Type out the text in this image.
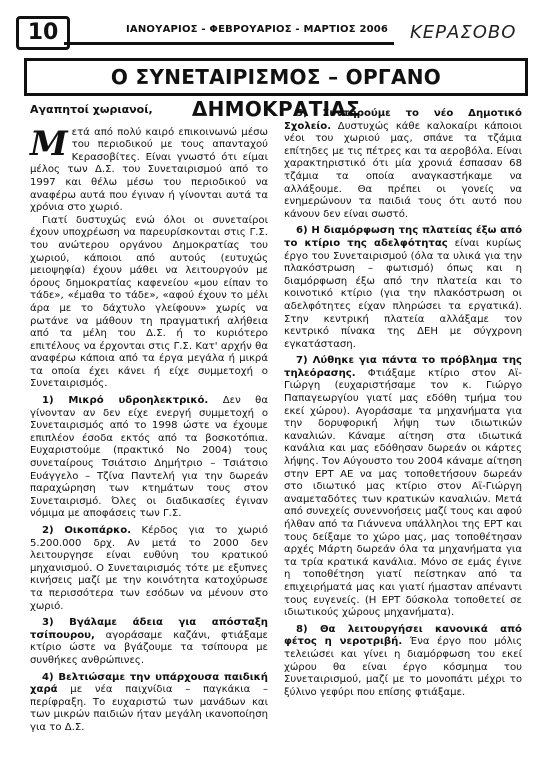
10	ΙΑΝΟΥΑΡΙΟΣ - ΦΕΒΡΟΥΑΡΙΟΣ - ΜΑΡΤΙΟΣ 2006 ΚΕΡΑΣΟΒΟ
Ο ΣΥΝΕΤΑΙΡΙΣΜΟΣ – ΟΡΓΑΝΟ ΔΗΜΟΚΡΑΤΙΑΣ
Αγαπητοί χωριανοί,

Μετά από πολύ καιρό επικοινωνώ μέσω του περιοδικού με τους απανταχού Κερασοβίτες. Είναι γνωστό ότι είμαι μέλος των Δ.Σ. του Συνεταιρισμού από το 1997 και θέλω μέσω του περιοδικού να αναφέρω αυτά που έγιναν ή γίνονται αυτά τα χρόνια στο χωριό.

Γιατί δυστυχώς ενώ όλοι οι συνεταίροι έχουν υποχρέωση να παρευρίσκονται στις Γ.Σ. του ανώτερου οργάνου Δημοκρατίας του χωριού, κάποιοι από αυτούς (ευτυχώς μειοψηφία) έχουν μάθει να λειτουργούν με όρους δημοκρατίας καφενείου «μου είπαν το τάδε», «έμαθα το τάδε», «αφού έχουν το μέλι άρα με το δάχτυλο γλείφουν» χωρίς να ρωτάνε να μάθουν τη πραγματική αλήθεια από τα μέλη του Δ.Σ. ή το κυριότερο επιτέλους να έρχονται στις Γ.Σ. Κατ' αρχήν θα αναφέρω κάποια από τα έργα μεγάλα ή μικρά τα οποία έχει κάνει ή είχε συμμετοχή ο Συνεταιρισμός.

1) Μικρό υδροηλεκτρικό. Δεν θα γίνονταν αν δεν είχε ενεργή συμμετοχή ο Συνεταιρισμός από το 1998 ώστε να έχουμε επιπλέον έσοδα εκτός από τα βοσκοτόπια. Ευχαριστούμε (πρακτικό Νο 2004) τους συνεταίρους Τσιάτσιο Δημήτριο – Τσιάτσιο Ευάγγελο – Τζίνα Παντελή για την δωρεάν παραχώρηση των κτημάτων τους στον Συνεταιρισμό. Όλες οι διαδικασίες έγιναν νόμιμα με αποφάσεις των Γ.Σ.

2) Οικοπάρκο. Κέρδος για το χωριό 5.200.000 δρχ. Αν μετά το 2000 δεν λειτουργησε είναι ευθύνη του κρατικού μηχανισμού. Ο Συνεταιρισμός τότε με εξυπνες κινήσεις μαζί με την κοινότητα κατοχύρωσε τα περισσότερα των εσόδων να μένουν στο χωριό.

3) Βγάλαμε άδεια για απόσταξη τσίπουρου, αγοράσαμε καζάνι, φτιάξαμε κτίριο ώστε να βγάζουμε τα τσίπουρα με συνθήκες ανθρώπινες.

4) Βελτιώσαμε την υπάρχουσα παιδική χαρά με νέα παιχνίδια – παγκάκια – περίφραξη. Το ευχαριστώ των μανάδων και των μικρών παιδιών ήταν μεγάλη ικανοποίηση για το Δ.Σ.

5) Συντηρούμε το νέο Δημοτικό Σχολείο. Δυστυχώς κάθε καλοκαίρι κάποιοι νέοι του χωριού μας, σπάνε τα τζάμια επίτηδες με τις πέτρες και τα αεροβόλα. Είναι χαρακτηριστικό ότι μία χρονιά έσπασαν 68 τζάμια τα οποία αναγκαστήκαμε να αλλάξουμε. Θα πρέπει οι γονείς να ενημερώνουν τα παιδιά τους ότι αυτό που κάνουν δεν είναι σωστό.

6) Η διαμόρφωση της πλατείας έξω από το κτίριο της αδελφότητας είναι κυρίως έργο του Συνεταιρισμού (όλα τα υλικά για την πλακόστρωση – φωτισμό) όπως και η διαμόρφωση έξω από την πλατεία και το κοινοτικό κτίριο (για την πλακόστρωση οι αδελφότητες είχαν πληρώσει τα εργατικά). Στην κεντρική πλατεία αλλάξαμε τον κεντρικό πίνακα της ΔΕΗ με σύγχρονη εγκατάσταση.

7) Λύθηκε για πάντα το πρόβλημα της τηλεόρασης. Φτιάξαμε κτίριο στον Αϊ-Γιώργη (ευχαριστήσαμε τον κ. Γιώργο Παπαγεωργίου γιατί μας εδόθη τμήμα του εκεί χώρου). Αγοράσαμε τα μηχανήματα για την δορυφορική λήψη των ιδιωτικών καναλιών. Κάναμε αίτηση στα ιδιωτικά κανάλια και μας εδόθησαν δωρεάν οι κάρτες λήψης. Τον Αύγουστο του 2004 κάναμε αίτηση στην ΕΡΤ ΑΕ να μας τοποθετήσουν δωρεάν στο ιδιωτικό μας κτίριο στον Αϊ-Γιώργη αναμεταδότες των κρατικών καναλιών. Μετά από συνεχείς συνεννοήσεις μαζί τους και αφού ήλθαν από τα Γιάννενα υπάλληλοι της ΕΡΤ και τους δείξαμε το χώρο μας, μας τοποθέτησαν αρχές Μάρτη δωρεάν όλα τα μηχανήματα για τα τρία κρατικά κανάλια. Μόνο σε εμάς έγινε η τοποθέτηση γιατί πείστηκαν από τα επιχειρήματά μας και γιατί ήμασταν απέναντι τους ευγενείς. (Η ΕΡΤ δύσκολα τοποθετεί σε ιδιωτικούς χώρους μηχανήματα).

8) Θα λειτουργήσει κανονικά από φέτος η νεροτριβή. Ένα έργο που μόλις τελειώσει και γίνει η διαμόρφωση του εκεί χώρου θα είναι έργο κόσμημα του Συνεταιρισμού, μαζί με το μονοπάτι μέχρι το ξύλινο γεφύρι που επίσης φτιάξαμε.
